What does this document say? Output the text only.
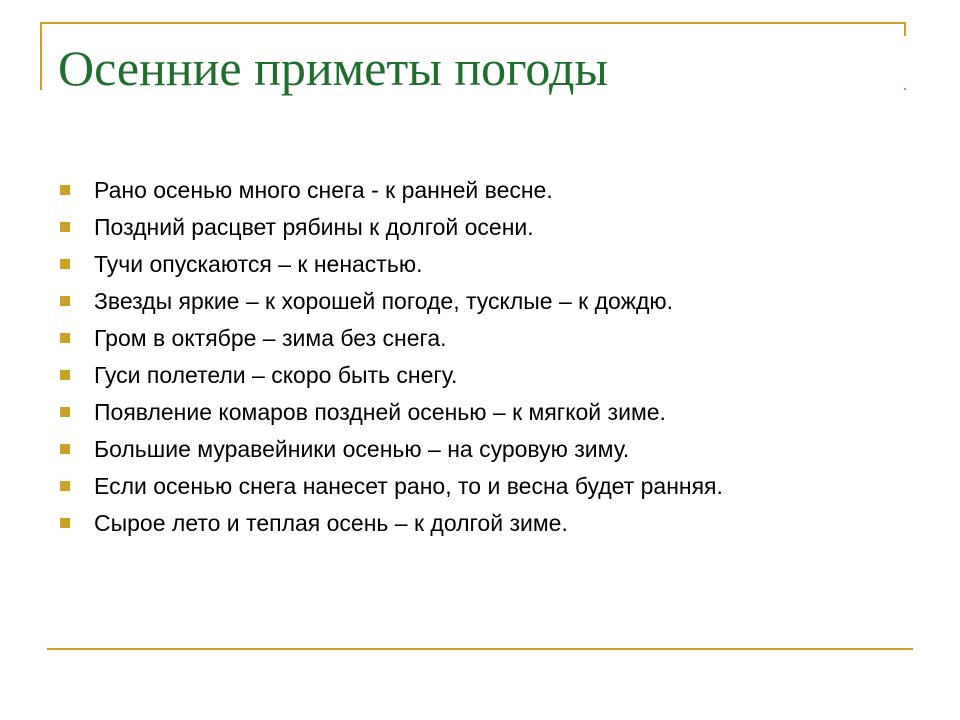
Осенние приметы погоды
Рано осенью много снега - к ранней весне.
Поздний расцвет рябины к долгой осени.
Тучи опускаются – к ненастью.
Звезды яркие – к хорошей погоде, тусклые – к дождю.
Гром в октябре – зима без снега.
Гуси полетели – скоро быть снегу.
Появление комаров поздней осенью – к мягкой зиме.
Большие муравейники осенью – на суровую зиму.
Если осенью снега нанесет рано, то и весна будет ранняя.
Сырое лето и теплая осень – к долгой зиме.
